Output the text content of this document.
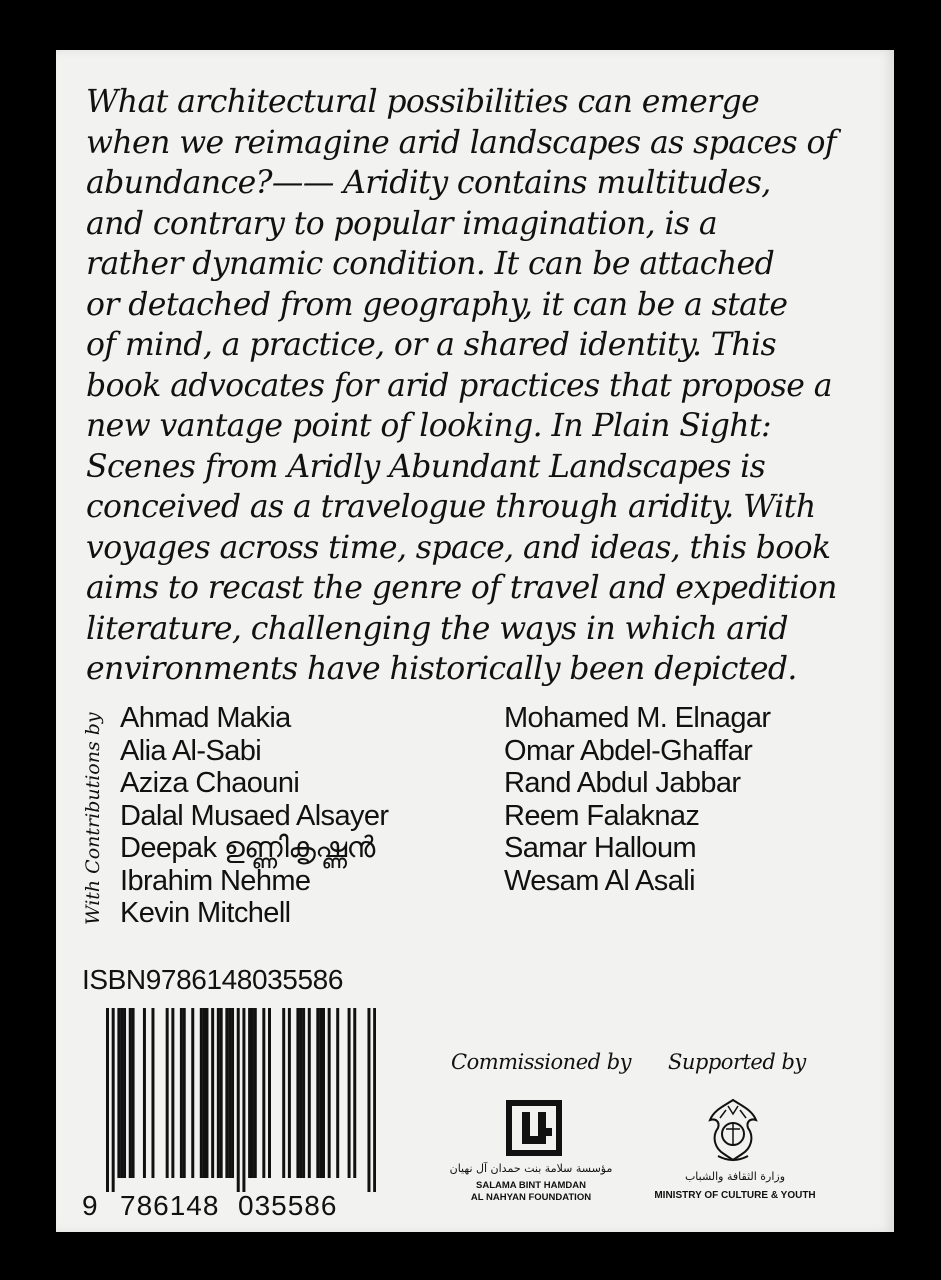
What architectural possibilities can emerge
when we reimagine arid landscapes as spaces of
abundance?—— Aridity contains multitudes,
and contrary to popular imagination, is a
rather dynamic condition. It can be attached
or detached from geography, it can be a state
of mind, a practice, or a shared identity. This
book advocates for arid practices that propose a
new vantage point of looking. In Plain Sight:
Scenes from Aridly Abundant Landscapes is
conceived as a travelogue through aridity. With
voyages across time, space, and ideas, this book
aims to recast the genre of travel and expedition
literature, challenging the ways in which arid
environments have historically been depicted.
With Contributions by Ahmad Makia
Alia Al-Sabi
Aziza Chaouni
Dalal Musaed Alsayer
Deepak ഉണ്ണികൃഷ്ണൻ
Ibrahim Nehme
Kevin Mitchell
Mohamed M. Elnagar
Omar Abdel-Ghaffar
Rand Abdul Jabbar
Reem Falaknaz
Samar Halloum
Wesam Al Asali
ISBN9786148035586
9 786148 035586
Commissioned by Supported by
مؤسسة سلامة بنت حمدان آل نهيان
SALAMA BINT HAMDAN
AL NAHYAN FOUNDATION
وزارة الثقافة والشباب
MINISTRY OF CULTURE & YOUTH
